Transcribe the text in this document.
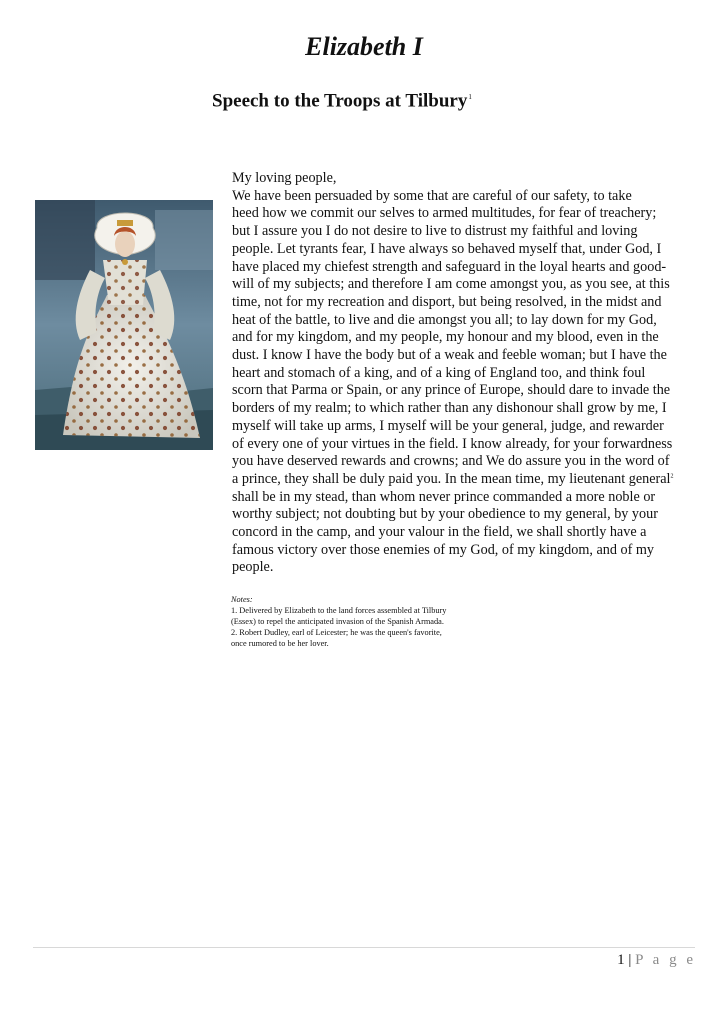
Elizabeth I
Speech to the Troops at Tilbury$^1$
My loving people,
We have been persuaded by some that are careful of our safety, to take
heed how we commit our selves to armed multitudes, for fear of treachery;
but I assure you I do not desire to live to distrust my faithful and loving
people. Let tyrants fear, I have always so behaved myself that, under God, I
have placed my chiefest strength and safeguard in the loyal hearts and good-
will of my subjects; and therefore I am come amongst you, as you see, at this
time, not for my recreation and disport, but being resolved, in the midst and
heat of the battle, to live and die amongst you all; to lay down for my God,
and for my kingdom, and my people, my honour and my blood, even in the
dust. I know I have the body but of a weak and feeble woman; but I have the
heart and stomach of a king, and of a king of England too, and think foul
scorn that Parma or Spain, or any prince of Europe, should dare to invade the
borders of my realm; to which rather than any dishonour shall grow by me, I
myself will take up arms, I myself will be your general, judge, and rewarder
of every one of your virtues in the field. I know already, for your forwardness
you have deserved rewards and crowns; and We do assure you in the word of
a prince, they shall be duly paid you. In the mean time, my lieutenant general$^2$
shall be in my stead, than whom never prince commanded a more noble or
worthy subject; not doubting but by your obedience to my general, by your
concord in the camp, and your valour in the field, we shall shortly have a
famous victory over those enemies of my God, of my kingdom, and of my
people.
Notes:
1. Delivered by Elizabeth to the land forces assembled at Tilbury
(Essex) to repel the anticipated invasion of the Spanish Armada.
2. Robert Dudley, earl of Leicester; he was the queen's favorite,
once rumored to be her lover.
1 | P a g e
